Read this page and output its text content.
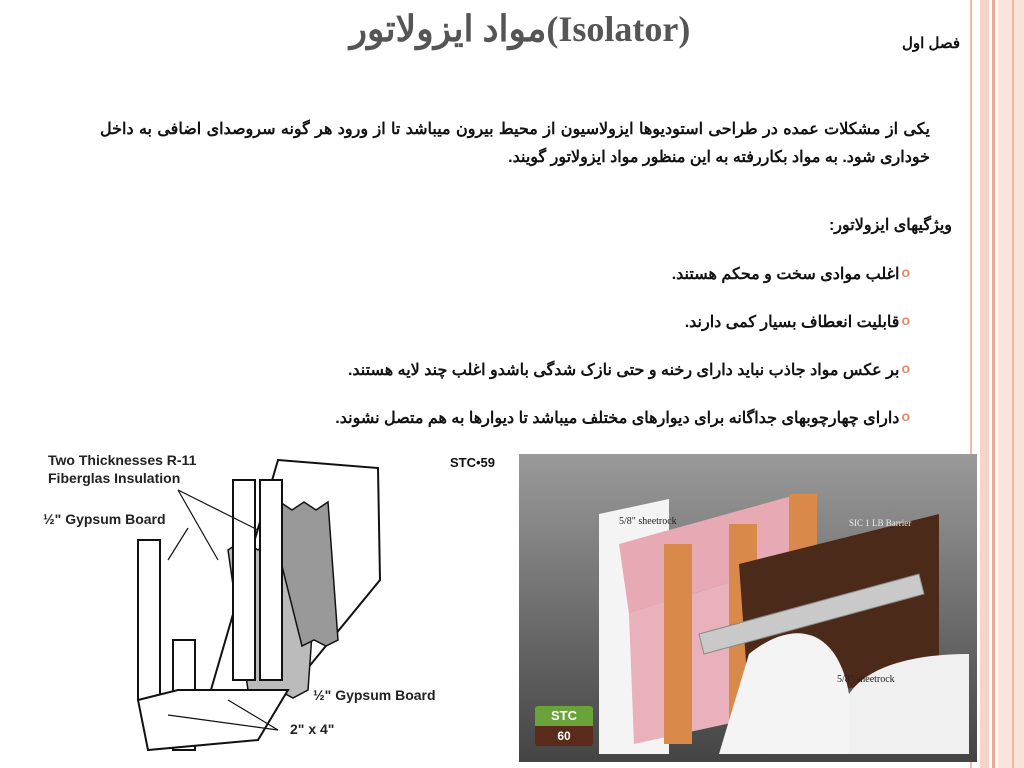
مواد ایزولاتور(Isolator)	فصل اول
یکی از مشکلات عمده در طراحی استودیوها ایزولاسیون از محیط بیرون میباشد تا از ورود هر گونه سروصدای اضافی به داخل خوداری شود. به مواد بکاررفته به این منظور مواد ایزولاتور گویند.
ویژگیهای ایزولاتور:
o
اغلب موادی سخت و محکم هستند.
o
قابلیت انعطاف بسیار کمی دارند.
o
بر عکس مواد جاذب نباید دارای رخنه و حتی نازک شدگی باشدو اغلب چند لایه هستند.
o
دارای چهارچوبهای جداگانه برای دیوارهای مختلف میباشد تا دیوارها به هم متصل نشوند.
Two Thicknesses R-11
Fiberglas Insulation
½" Gypsum Board
½" Gypsum Board
2" x 4"
STC•59
5/8" sheetrock	SIC 1 LB Barrier
5/8" sheetrock
STC
60
